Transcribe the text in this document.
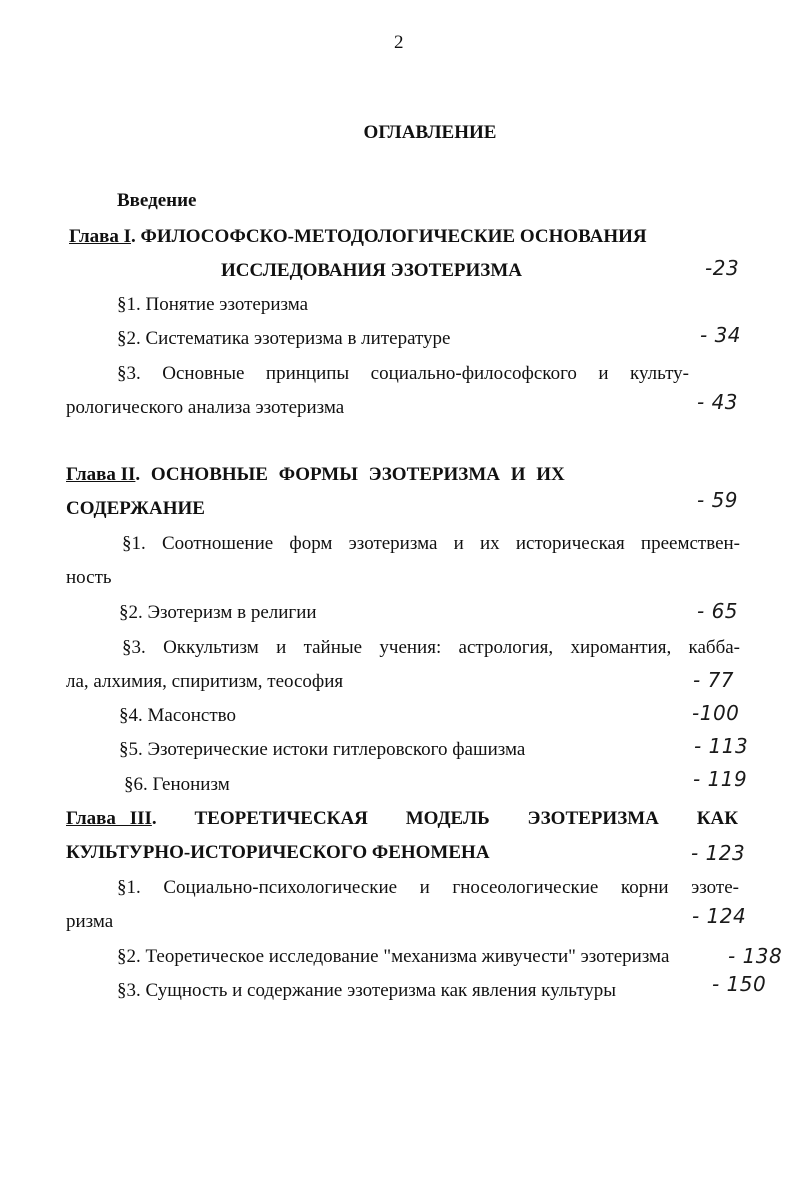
2
ОГЛАВЛЕНИЕ
Введение
Глава I. ФИЛОСОФСКО-МЕТОДОЛОГИЧЕСКИЕ ОСНОВАНИЯ
ИССЛЕДОВАНИЯ ЭЗОТЕРИЗМА	-23
§1. Понятие эзотеризма
§2. Систематика эзотеризма в литературе	- 34
§3. Основные принципы социально-философского и культу-
рологического анализа эзотеризма	- 43
Глава II. ОСНОВНЫЕ ФОРМЫ ЭЗОТЕРИЗМА И ИХ
СОДЕРЖАНИЕ	- 59
§1. Соотношение форм эзотеризма и их историческая преемствен-
ность
§2. Эзотеризм в религии	- 65
§3. Оккультизм и тайные учения: астрология, хиромантия, кабба-
ла, алхимия, спиритизм, теософия	- 77
§4. Масонство	-100
§5. Эзотерические истоки гитлеровского фашизма	- 113
§6. Генонизм	- 119
Глава III. ТЕОРЕТИЧЕСКАЯ МОДЕЛЬ ЭЗОТЕРИЗМА КАК
КУЛЬТУРНО-ИСТОРИЧЕСКОГО ФЕНОМЕНА	- 123
§1. Социально-психологические и гносеологические корни эзоте-
ризма	- 124
§2. Теоретическое исследование "механизма живучести" эзотеризма	- 138
§3. Сущность и содержание эзотеризма как явления культуры	- 150
